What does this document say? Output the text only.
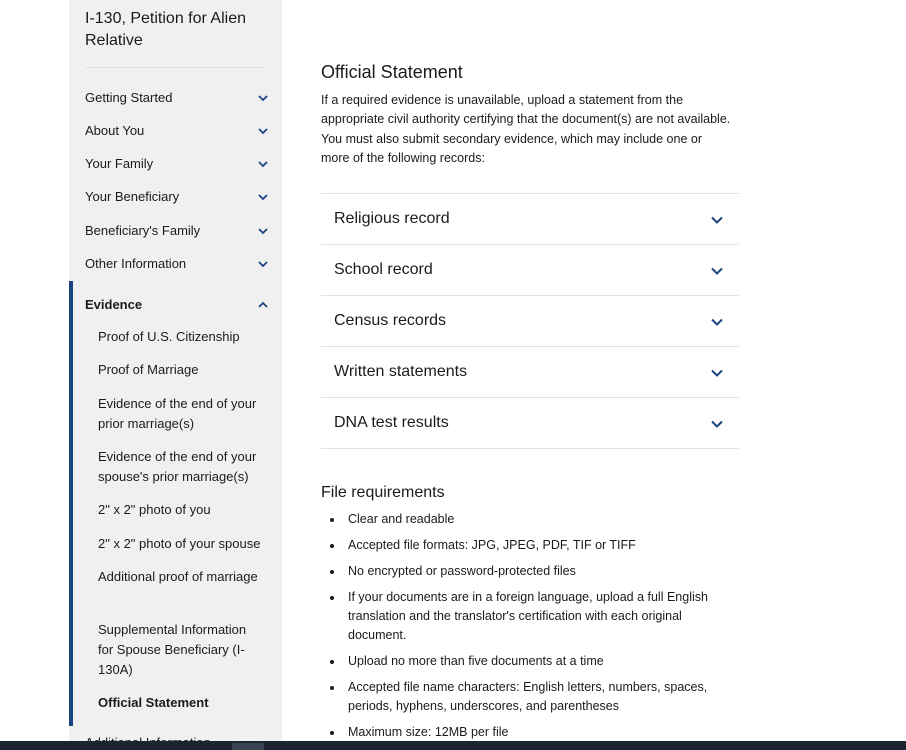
I-130, Petition for Alien Relative
Getting Started
About You
Your Family
Your Beneficiary
Beneficiary's Family
Other Information
Evidence
Proof of U.S. Citizenship
Proof of Marriage
Evidence of the end of your prior marriage(s)
Evidence of the end of your spouse's prior marriage(s)
2" x 2" photo of you
2" x 2" photo of your spouse
Additional proof of marriage
Supplemental Information for Spouse Beneficiary (I-130A)
Official Statement
Official Statement

If a required evidence is unavailable, upload a statement from the appropriate civil authority certifying that the document(s) are not available. You must also submit secondary evidence, which may include one or more of the following records:

Religious record
School record
Census records
Written statements
DNA test results
File requirements
Clear and readable
Accepted file formats: JPG, JPEG, PDF, TIF or TIFF
No encrypted or password-protected files
If your documents are in a foreign language, upload a full English translation and the translator's certification with each original document.
Upload no more than five documents at a time
Accepted file name characters: English letters, numbers, spaces, periods, hyphens, underscores, and parentheses
Maximum size: 12MB per file
